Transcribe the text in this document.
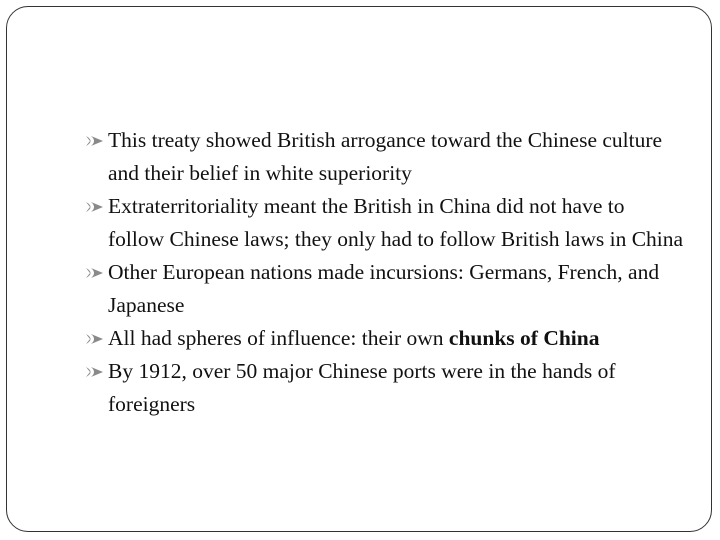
This treaty showed British arrogance toward the Chinese culture and their belief in white superiority
Extraterritoriality meant the British in China did not have to follow Chinese laws; they only had to follow British laws in China
Other European nations made incursions: Germans, French, and Japanese
All had spheres of influence: their own chunks of China
By 1912, over 50 major Chinese ports were in the hands of foreigners
